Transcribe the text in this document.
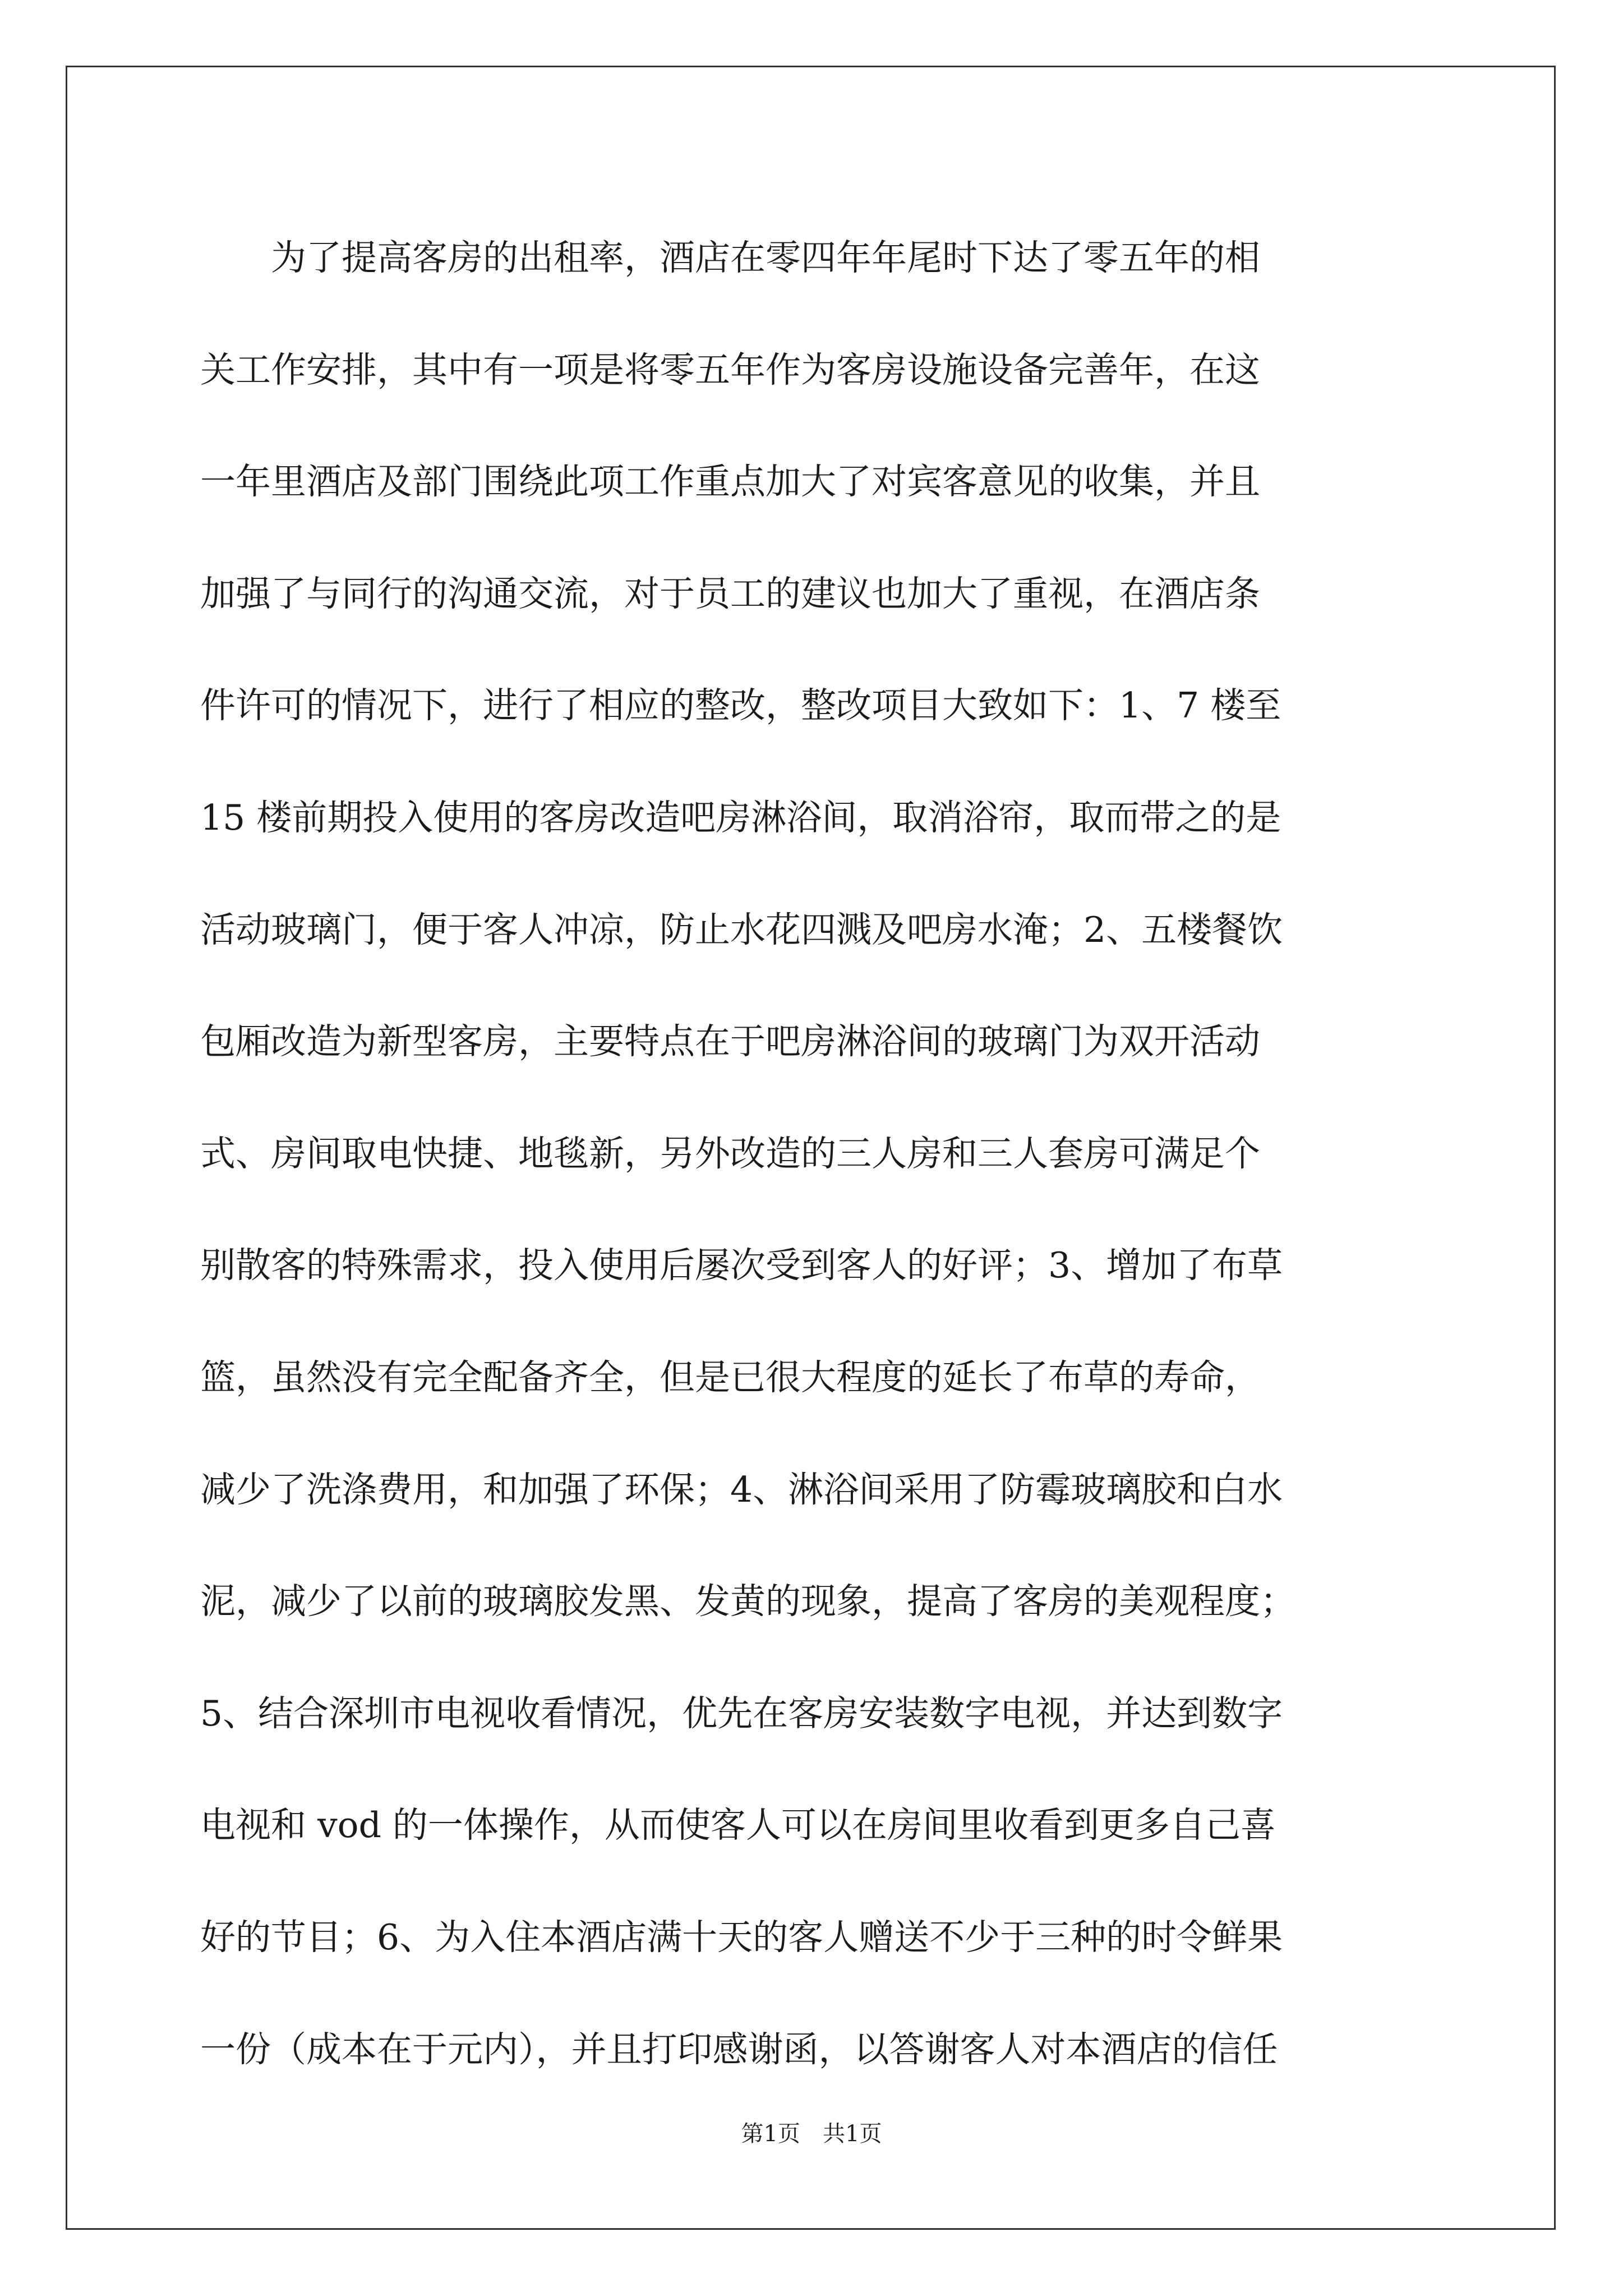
　　为了提高客房的出租率，酒店在零四年年尾时下达了零五年的相
关工作安排，其中有一项是将零五年作为客房设施设备完善年，在这
一年里酒店及部门围绕此项工作重点加大了对宾客意见的收集，并且
加强了与同行的沟通交流，对于员工的建议也加大了重视，在酒店条
件许可的情况下，进行了相应的整改，整改项目大致如下：1、7 楼至
15 楼前期投入使用的客房改造吧房淋浴间，取消浴帘，取而带之的是
活动玻璃门，便于客人冲凉，防止水花四溅及吧房水淹；2、五楼餐饮
包厢改造为新型客房，主要特点在于吧房淋浴间的玻璃门为双开活动
式、房间取电快捷、地毯新，另外改造的三人房和三人套房可满足个
别散客的特殊需求，投入使用后屡次受到客人的好评；3、增加了布草
篮，虽然没有完全配备齐全，但是已很大程度的延长了布草的寿命，
减少了洗涤费用，和加强了环保；4、淋浴间采用了防霉玻璃胶和白水
泥，减少了以前的玻璃胶发黑、发黄的现象，提高了客房的美观程度；
5、结合深圳市电视收看情况，优先在客房安装数字电视，并达到数字
电视和 vod 的一体操作，从而使客人可以在房间里收看到更多自己喜
好的节目；6、为入住本酒店满十天的客人赠送不少于三种的时令鲜果
一份（成本在于元内），并且打印感谢函，以答谢客人对本酒店的信任
第1页　共1页
